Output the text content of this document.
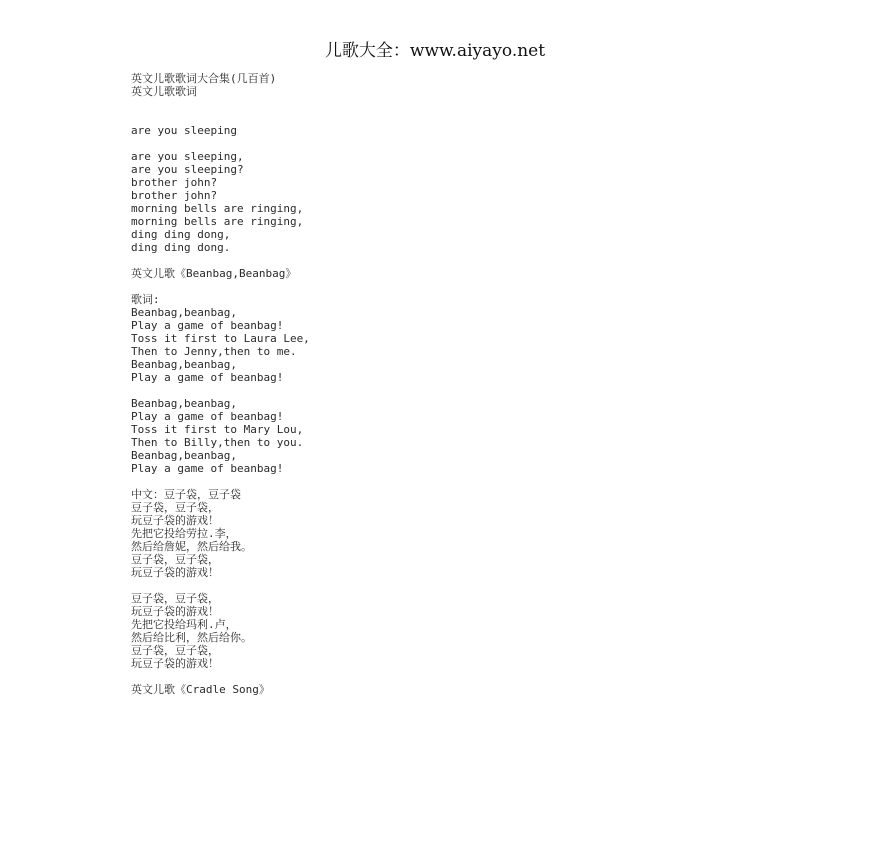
儿歌大全：www.aiyayo.net
英文儿歌歌词大合集(几百首)
英文儿歌歌词
are you sleeping
are you sleeping,
are you sleeping?
brother john?
brother john?
morning bells are ringing,
morning bells are ringing,
ding ding dong,
ding ding dong.
英文儿歌《Beanbag,Beanbag》
歌词:
Beanbag,beanbag,
Play a game of beanbag!
Toss it first to Laura Lee,
Then to Jenny,then to me.
Beanbag,beanbag,
Play a game of beanbag!
Beanbag,beanbag,
Play a game of beanbag!
Toss it first to Mary Lou,
Then to Billy,then to you.
Beanbag,beanbag,
Play a game of beanbag!
中文：豆子袋，豆子袋
豆子袋，豆子袋，
玩豆子袋的游戏！
先把它投给劳拉.李，
然后给詹妮，然后给我。
豆子袋，豆子袋，
玩豆子袋的游戏！
豆子袋，豆子袋，
玩豆子袋的游戏！
先把它投给玛利.卢，
然后给比利，然后给你。
豆子袋，豆子袋，
玩豆子袋的游戏！
英文儿歌《Cradle Song》
